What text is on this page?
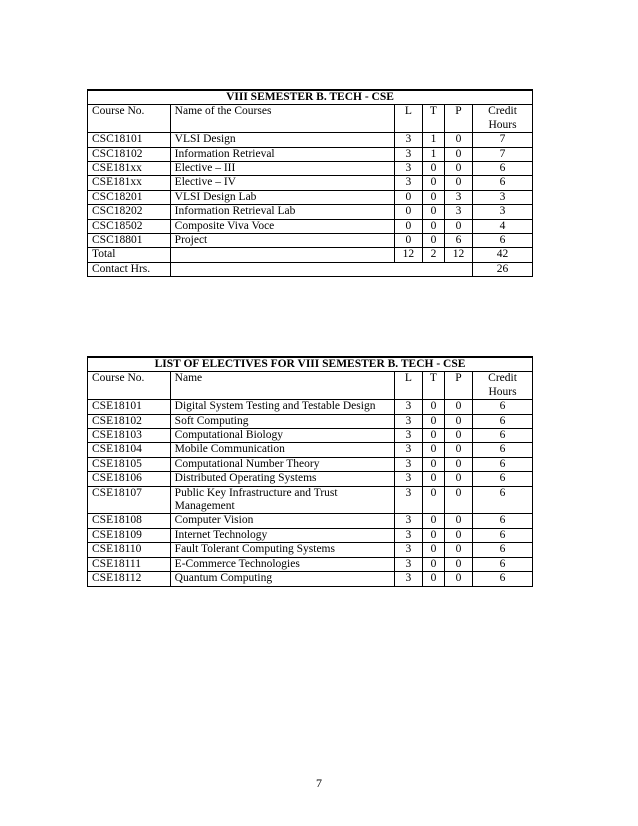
VIII SEMESTER B. TECH - CSE					
Course No.	Name of the Courses	L	T	P	Credit
Hours
CSC18101	VLSI Design	3	1	0	7
CSC18102	Information Retrieval	3	1	0	7
CSE181xx	Elective – III	3	0	0	6
CSE181xx	Elective – IV	3	0	0	6
CSC18201	VLSI Design Lab	0	0	3	3
CSC18202	Information Retrieval Lab	0	0	3	3
CSC18502	Composite Viva Voce	0	0	0	4
CSC18801	Project	0	0	6	6
Total		12	2	12	42
Contact Hrs.					26
LIST OF ELECTIVES FOR VIII SEMESTER B. TECH - CSE					
Course No.	Name	L	T	P	Credit
Hours
CSE18101	Digital System Testing and Testable Design	3	0	0	6
CSE18102	Soft Computing	3	0	0	6
CSE18103	Computational Biology	3	0	0	6
CSE18104	Mobile Communication	3	0	0	6
CSE18105	Computational Number Theory	3	0	0	6
CSE18106	Distributed Operating Systems	3	0	0	6
CSE18107	Public Key Infrastructure and Trust Management	3	0	0	6
CSE18108	Computer Vision	3	0	0	6
CSE18109	Internet Technology	3	0	0	6
CSE18110	Fault Tolerant Computing Systems	3	0	0	6
CSE18111	E-Commerce Technologies	3	0	0	6
CSE18112	Quantum Computing	3	0	0	6
7
